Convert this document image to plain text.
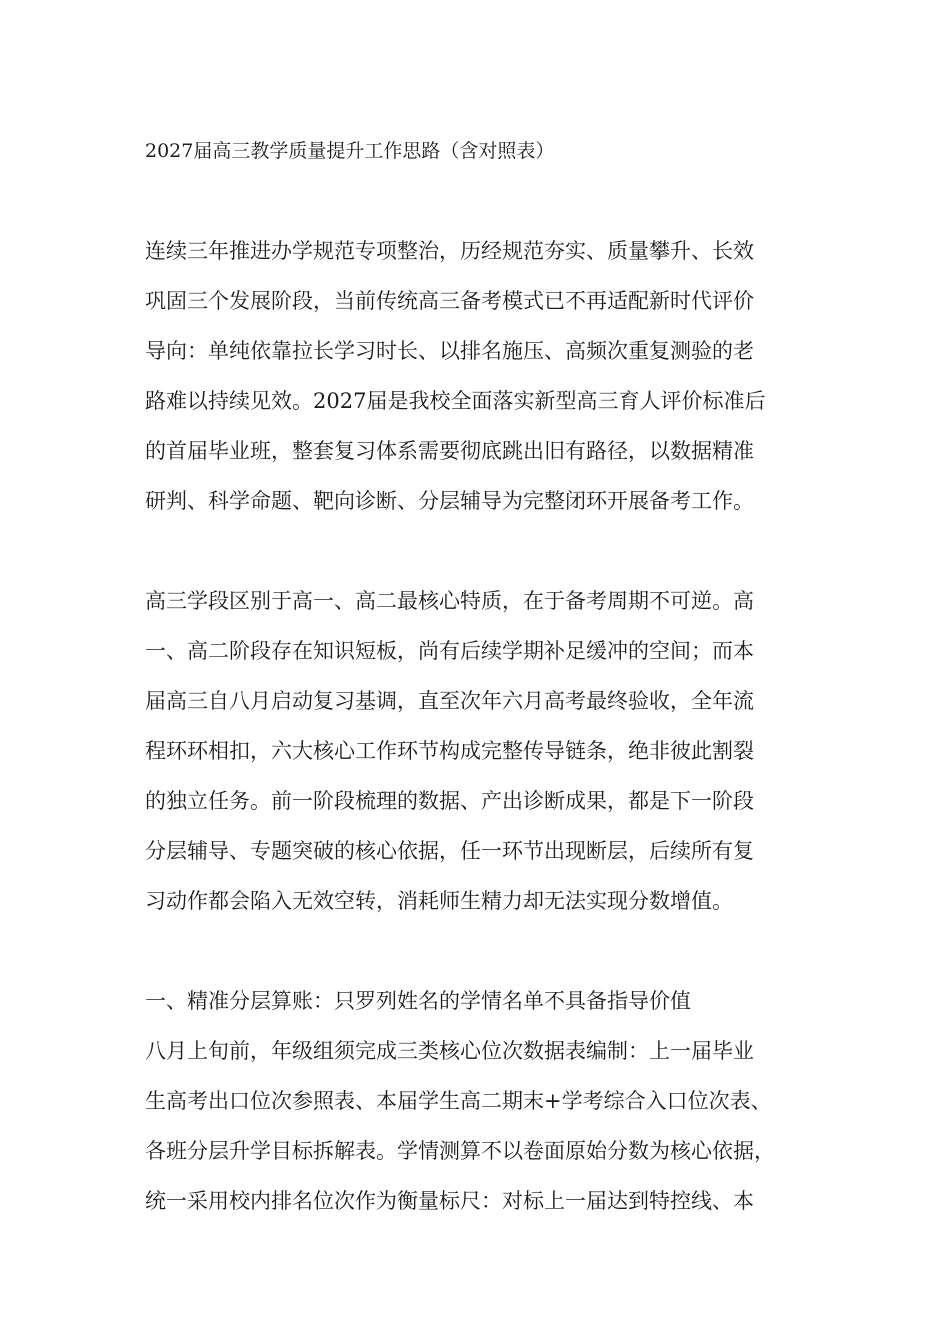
2027届高三教学质量提升工作思路（含对照表）

连续三年推进办学规范专项整治，历经规范夯实、质量攀升、长效
巩固三个发展阶段，当前传统高三备考模式已不再适配新时代评价
导向：单纯依靠拉长学习时长、以排名施压、高频次重复测验的老
路难以持续见效。2027届是我校全面落实新型高三育人评价标准后
的首届毕业班，整套复习体系需要彻底跳出旧有路径，以数据精准
研判、科学命题、靶向诊断、分层辅导为完整闭环开展备考工作。

高三学段区别于高一、高二最核心特质，在于备考周期不可逆。高
一、高二阶段存在知识短板，尚有后续学期补足缓冲的空间；而本
届高三自八月启动复习基调，直至次年六月高考最终验收，全年流
程环环相扣，六大核心工作环节构成完整传导链条，绝非彼此割裂
的独立任务。前一阶段梳理的数据、产出诊断成果，都是下一阶段
分层辅导、专题突破的核心依据，任一环节出现断层，后续所有复
习动作都会陷入无效空转，消耗师生精力却无法实现分数增值。

一、精准分层算账：只罗列姓名的学情名单不具备指导价值

八月上旬前，年级组须完成三类核心位次数据表编制：上一届毕业
生高考出口位次参照表、本届学生高二期末+学考综合入口位次表、
各班分层升学目标拆解表。学情测算不以卷面原始分数为核心依据，
统一采用校内排名位次作为衡量标尺：对标上一届达到特控线、本
